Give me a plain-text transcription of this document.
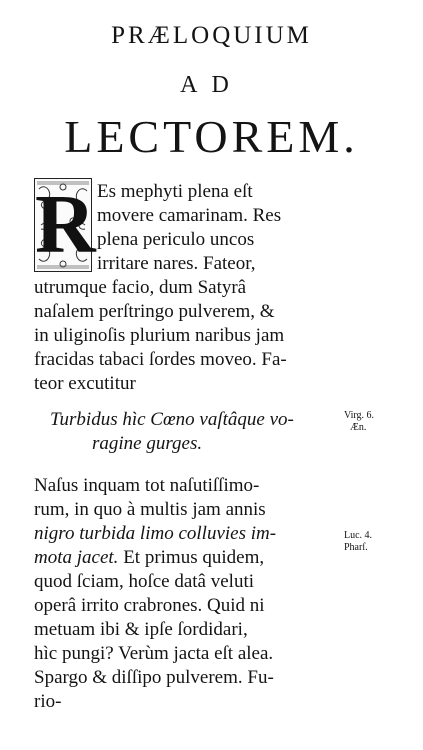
PRÆLOQUIUM
AD
LECTOREM.
R Es mephyti plena eſt
movere camarinam. Res
plena periculo uncos
irritare nares. Fateor,
utrumque facio, dum Satyrâ
naſalem perſtringo pulverem, &
in uliginoſis plurium naribus jam
fracidas tabaci ſordes moveo. Fa-
teor excutitur
Turbidus hìc Cœno vaſtâque vo-
ragine gurges.
Virg. 6.
Æn.
Naſus inquam tot naſutiſſimo-
rum, in quo à multis jam annis
nigro turbida limo colluvies im-
mota jacet. Et primus quidem,
quod ſciam, hoſce datâ veluti
operâ irrito crabrones. Quid ni
metuam ibi & ipſe ſordidari,
hìc pungi? Verùm jacta eſt alea.
Spargo & diſſipo pulverem. Fu-
rio-
Luc. 4.
Pharſ.
